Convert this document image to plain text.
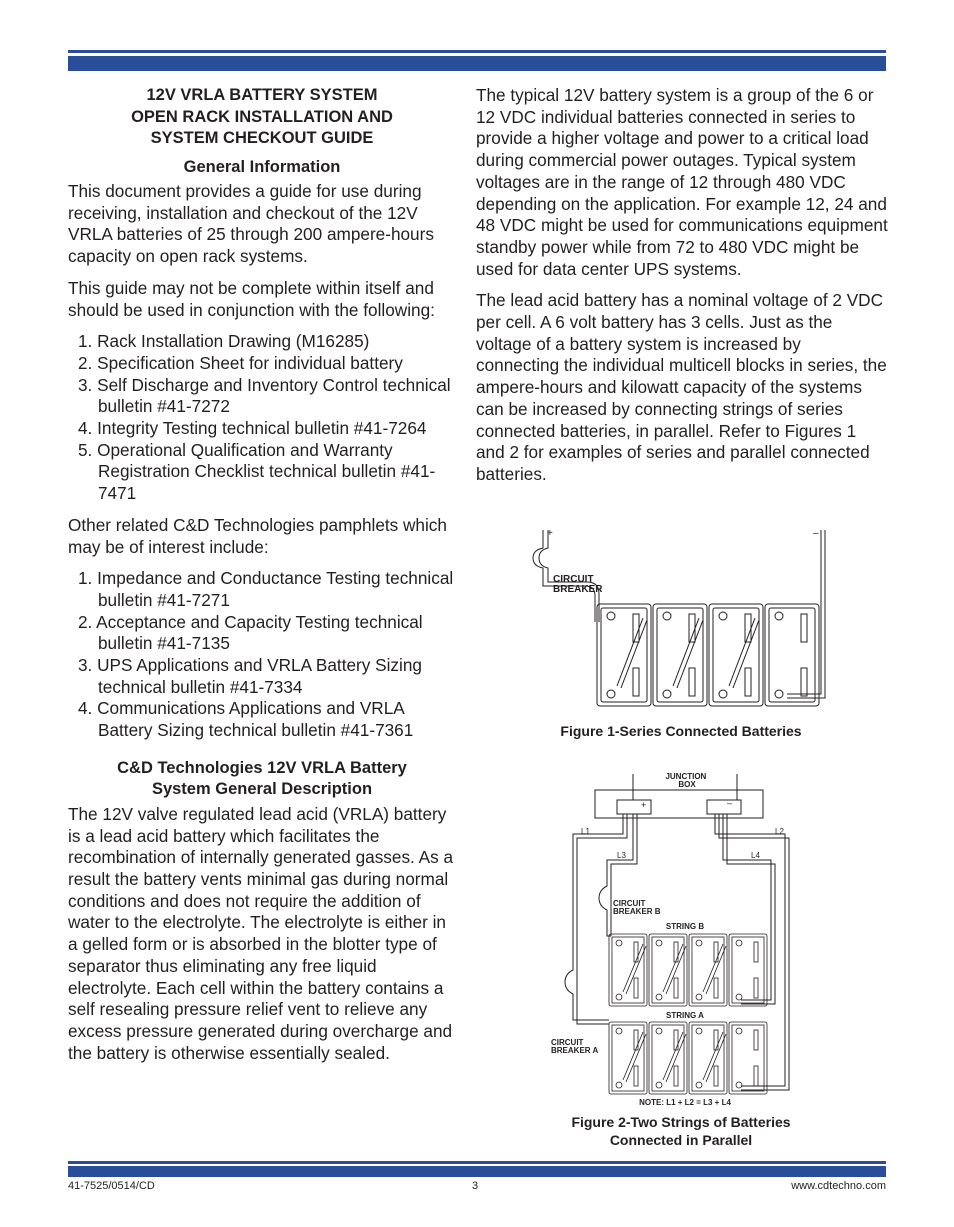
12V VRLA BATTERY SYSTEM
OPEN RACK INSTALLATION AND
SYSTEM CHECKOUT GUIDE
General Information

This document provides a guide for use during receiving, installation and checkout of the 12V VRLA batteries of 25 through 200 ampere-hours capacity on open rack systems.

This guide may not be complete within itself and should be used in conjunction with the following:

1. Rack Installation Drawing (M16285)
2. Specification Sheet for individual battery
3. Self Discharge and Inventory Control technical bulletin #41-7272
4. Integrity Testing technical bulletin #41-7264
5. Operational Qualification and Warranty Registration Checklist technical bulletin #41-7471

Other related C&D Technologies pamphlets which may be of interest include:

1. Impedance and Conductance Testing technical bulletin #41-7271
2. Acceptance and Capacity Testing technical bulletin #41-7135
3. UPS Applications and VRLA Battery Sizing technical bulletin #41-7334
4. Communications Applications and VRLA Battery Sizing technical bulletin #41-7361
C&D Technologies 12V VRLA Battery
System General Description

The 12V valve regulated lead acid (VRLA) battery is a lead acid battery which facilitates the recombination of internally generated gasses. As a result the battery vents minimal gas during normal conditions and does not require the addition of water to the electrolyte. The electrolyte is either in a gelled form or is absorbed in the blotter type of separator thus eliminating any free liquid electrolyte. Each cell within the battery contains a self resealing pressure relief vent to relieve any excess pressure generated during overcharge and the battery is otherwise essentially sealed.

The typical 12V battery system is a group of the 6 or 12 VDC individual batteries connected in series to provide a higher voltage and power to a critical load during commercial power outages. Typical system voltages are in the range of 12 through 480 VDC depending on the application. For example 12, 24 and 48 VDC might be used for communications equipment standby power while from 72 to 480 VDC might be used for data center UPS systems.

The lead acid battery has a nominal voltage of 2 VDC per cell. A 6 volt battery has 3 cells. Just as the voltage of a battery system is increased by connecting the individual multicell blocks in series, the ampere-hours and kilowatt capacity of the systems can be increased by connecting strings of series connected batteries, in parallel. Refer to Figures 1 and 2 for examples of series and parallel connected batteries.

+	–
CIRCUIT BREAKER
Figure 1-Series Connected Batteries
JUNCTION BOX
+	–
L1	L2
L3	L4
CIRCUIT BREAKER B
STRING B
STRING A
CIRCUIT BREAKER A
NOTE: L1 + L2 = L3 + L4
Figure 2-Two Strings of Batteries
Connected in Parallel
41-7525/0514/CD	3	www.cdtechno.com
